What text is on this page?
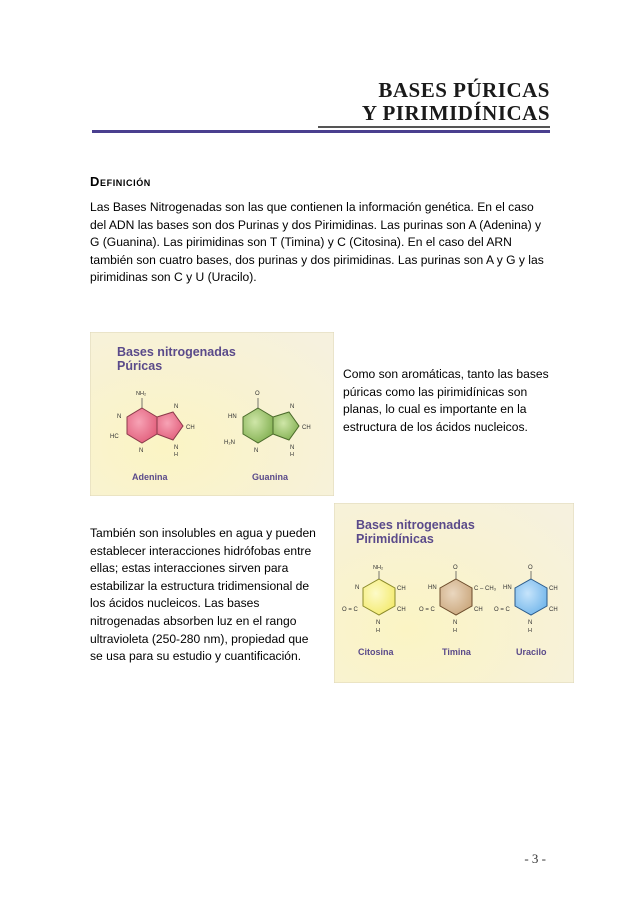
BASES PÚRICAS
Y PIRIMIDÍNICAS
Definición
Las Bases Nitrogenadas son las que contienen la información genética. En el caso del ADN las bases son dos Purinas y dos Pirimidinas. Las purinas son A (Adenina) y G (Guanina). Las pirimidinas son T (Timina) y C (Citosina). En el caso del ARN también son cuatro bases, dos purinas y dos pirimidinas. Las purinas son A y G y las pirimidinas son C y U (Uracilo).
Bases nitrogenadas
Púricas
NH₂
N
HC
N
N
CH
N
H
O
HN
H₂N
N
N
CH
N
H
Adenina	Guanina
Como son aromáticas, tanto las bases púricas como las pirimidínicas son planas, lo cual es importante en la estructura de los ácidos nucleicos.
Bases nitrogenadas
Pirimidínicas
NH₂
N	CH
CH
O = C
N
H
O
HN	C – CH₃
CH
O = C
N
H
O
HN	CH
CH
O = C
N
H
Citosina	Timina	Uracilo
También son insolubles en agua y pueden establecer interacciones hidrófobas entre ellas; estas interacciones sirven para estabilizar la estructura tridimensional de los ácidos nucleicos. Las bases nitrogenadas absorben luz en el rango ultravioleta (250-280 nm), propiedad que se usa para su estudio y cuantificación.
- 3 -
